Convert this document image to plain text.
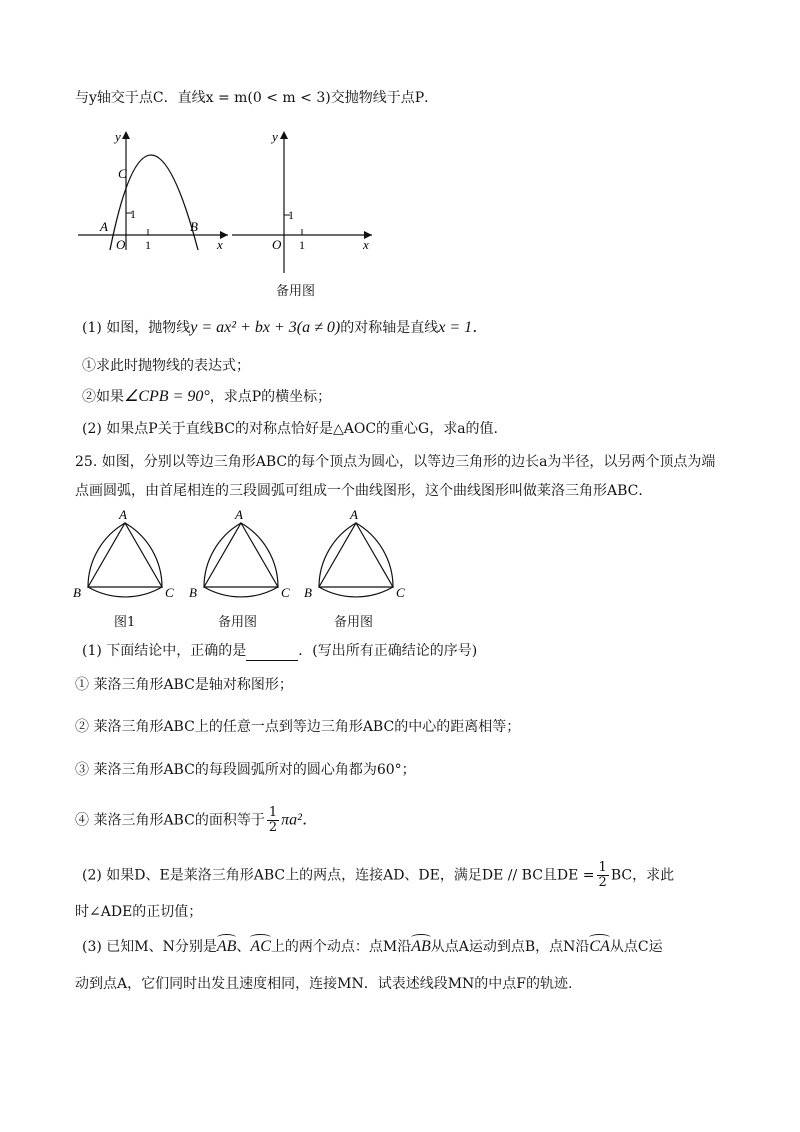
与y轴交于点C．直线x = m(0 < m < 3)交抛物线于点P．
y
x
C
A	B
O 1
1
y
x
O 1
1
备用图
(1) 如图，抛物线y = ax² + bx + 3(a ≠ 0)的对称轴是直线x = 1．
①求此时抛物线的表达式；
②如果∠CPB = 90°，求点P的横坐标；
(2) 如果点P关于直线BC的对称点恰好是△AOC的重心G，求a的值.
25. 如图，分别以等边三角形ABC的每个顶点为圆心，以等边三角形的边长a为半径，以另两个顶点为端
点画圆弧，由首尾相连的三段圆弧可组成一个曲线图形，这个曲线图形叫做莱洛三角形ABC．
A
B	C
A
B	C
A
B	C
图1	备用图	备用图
(1) 下面结论中，正确的是	．(写出所有正确结论的序号)
① 莱洛三角形ABC是轴对称图形；
② 莱洛三角形ABC上的任意一点到等边三角形ABC的中心的距离相等；
③ 莱洛三角形ABC的每段圆弧所对的圆心角都为60°；
④ 莱洛三角形ABC的面积等于 $\frac{1}{2} \pi a^2$．
(2) 如果D、E是莱洛三角形ABC上的两点，连接AD、DE，满足DE // BC且DE = $\frac{1}{2}$ BC，求此
时∠ADE的正切值；
(3) 已知M、N分别是AB、AC上的两个动点：点M沿AB从点A运动到点B，点N沿CA从点C运
动到点A，它们同时出发且速度相同，连接MN．试表述线段MN的中点F的轨迹.
